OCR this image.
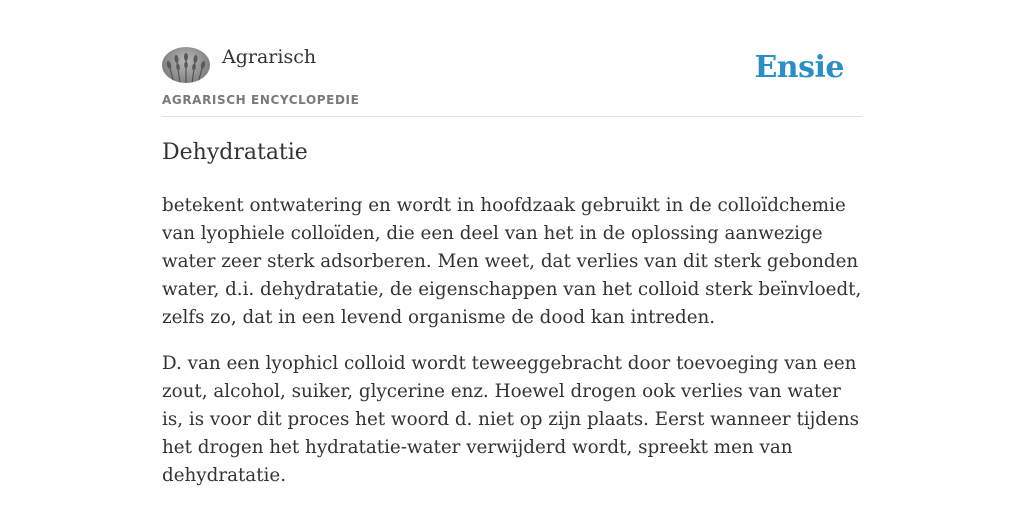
Agrarisch
AGRARISCH ENCYCLOPEDIE
Ensie
Dehydratatie

betekent ontwatering en wordt in hoofdzaak gebruikt in de colloïdchemie van lyophiele colloïden, die een deel van het in de oplossing aanwezige water zeer sterk adsorberen. Men weet, dat verlies van dit sterk gebonden water, d.i. dehydratatie, de eigenschappen van het colloid sterk beïnvloedt, zelfs zo, dat in een levend organisme de dood kan intreden.

D. van een lyophicl colloid wordt teweeggebracht door toevoeging van een zout, alcohol, suiker, glycerine enz. Hoewel drogen ook verlies van water is, is voor dit proces het woord d. niet op zijn plaats. Eerst wanneer tijdens het drogen het hydratatie-water verwijderd wordt, spreekt men van dehydratatie.
